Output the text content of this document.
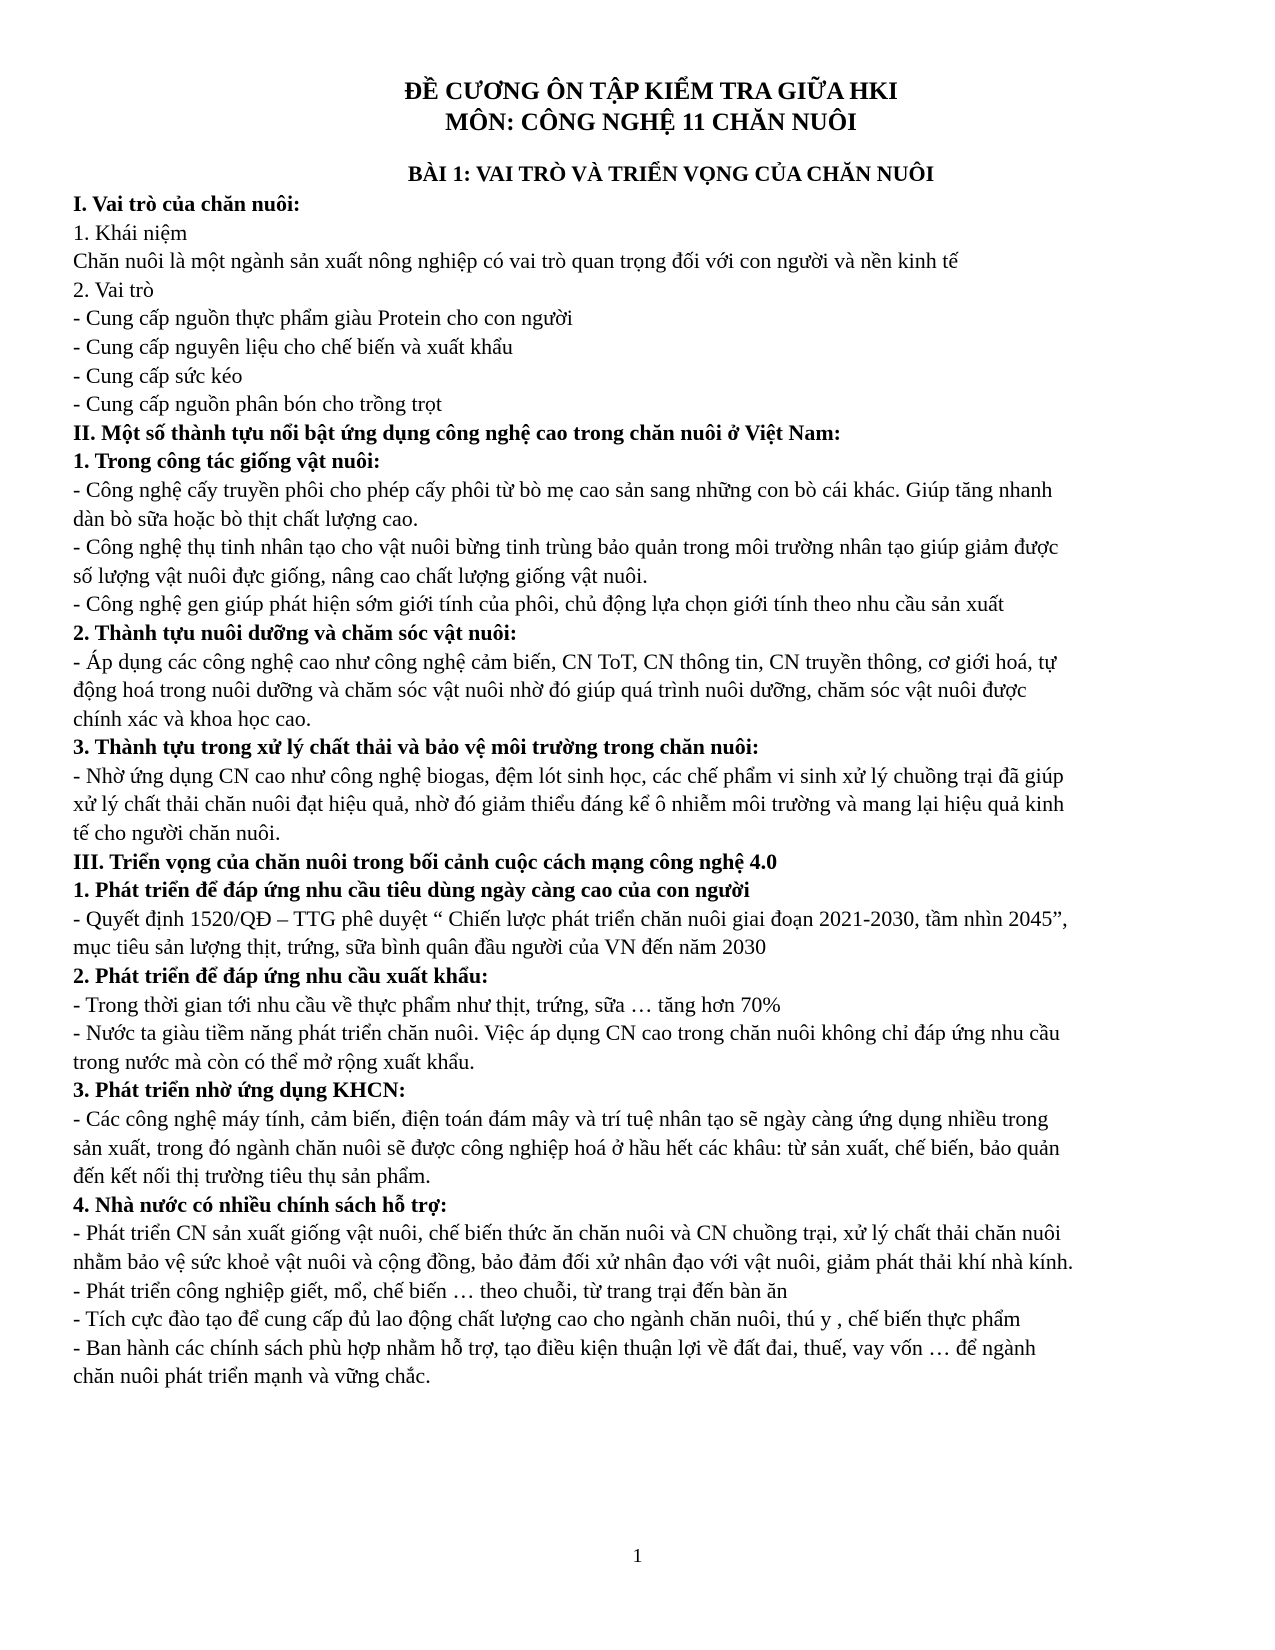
ĐỀ CƯƠNG ÔN TẬP KIỂM TRA GIỮA HKI
MÔN: CÔNG NGHỆ 11 CHĂN NUÔI
BÀI 1: VAI TRÒ VÀ TRIỂN VỌNG CỦA CHĂN NUÔI

I. Vai trò của chăn nuôi:

1. Khái niệm

Chăn nuôi là một ngành sản xuất nông nghiệp có vai trò quan trọng đối với con người và nền kinh tế

2. Vai trò

- Cung cấp nguồn thực phẩm giàu Protein cho con người

- Cung cấp nguyên liệu cho chế biến và xuất khẩu

- Cung cấp sức kéo

- Cung cấp nguồn phân bón cho trồng trọt

II. Một số thành tựu nổi bật ứng dụng công nghệ cao trong chăn nuôi ở Việt Nam:

1. Trong công tác giống vật nuôi:

- Công nghệ cấy truyền phôi cho phép cấy phôi từ bò mẹ cao sản sang những con bò cái khác. Giúp tăng nhanh

dàn bò sữa hoặc bò thịt chất lượng cao.

- Công nghệ thụ tinh nhân tạo cho vật nuôi bừng tinh trùng bảo quản trong môi trường nhân tạo giúp giảm được

số lượng vật nuôi đực giống, nâng cao chất lượng giống vật nuôi.

- Công nghệ gen giúp phát hiện sớm giới tính của phôi, chủ động lựa chọn giới tính theo nhu cầu sản xuất

2. Thành tựu nuôi dưỡng và chăm sóc vật nuôi:

- Áp dụng các công nghệ cao như công nghệ cảm biến, CN ToT, CN thông tin, CN truyền thông, cơ giới hoá, tự

động hoá trong nuôi dưỡng và chăm sóc vật nuôi nhờ đó giúp quá trình nuôi dưỡng, chăm sóc vật nuôi được

chính xác và khoa học cao.

3. Thành tựu trong xử lý chất thải và bảo vệ môi trường trong chăn nuôi:

- Nhờ ứng dụng CN cao như công nghệ biogas, đệm lót sinh học, các chế phẩm vi sinh xử lý chuồng trại đã giúp

xử lý chất thải chăn nuôi đạt hiệu quả, nhờ đó giảm thiểu đáng kể ô nhiễm môi trường và mang lại hiệu quả kinh

tế cho người chăn nuôi.

III. Triển vọng của chăn nuôi trong bối cảnh cuộc cách mạng công nghệ 4.0

1. Phát triển để đáp ứng nhu cầu tiêu dùng ngày càng cao của con người

- Quyết định 1520/QĐ – TTG phê duyệt “ Chiến lược phát triển chăn nuôi giai đoạn 2021-2030, tầm nhìn 2045”,

mục tiêu sản lượng thịt, trứng, sữa bình quân đầu người của VN đến năm 2030

2. Phát triển để đáp ứng nhu cầu xuất khẩu:

- Trong thời gian tới nhu cầu về thực phẩm như thịt, trứng, sữa … tăng hơn 70%

- Nước ta giàu tiềm năng phát triển chăn nuôi. Việc áp dụng CN cao trong chăn nuôi không chỉ đáp ứng nhu cầu

trong nước mà còn có thể mở rộng xuất khẩu.

3. Phát triển nhờ ứng dụng KHCN:

- Các công nghệ máy tính, cảm biến, điện toán đám mây và trí tuệ nhân tạo sẽ ngày càng ứng dụng nhiều trong

sản xuất, trong đó ngành chăn nuôi sẽ được công nghiệp hoá ở hầu hết các khâu: từ sản xuất, chế biến, bảo quản

đến kết nối thị trường tiêu thụ sản phẩm.

4. Nhà nước có nhiều chính sách hỗ trợ:

- Phát triển CN sản xuất giống vật nuôi, chế biến thức ăn chăn nuôi và CN chuồng trại, xử lý chất thải chăn nuôi

nhằm bảo vệ sức khoẻ vật nuôi và cộng đồng, bảo đảm đối xử nhân đạo với vật nuôi, giảm phát thải khí nhà kính.

- Phát triển công nghiệp giết, mổ, chế biến … theo chuỗi, từ trang trại đến bàn ăn

- Tích cực đào tạo để cung cấp đủ lao động chất lượng cao cho ngành chăn nuôi, thú y , chế biến thực phẩm

- Ban hành các chính sách phù hợp nhằm hỗ trợ, tạo điều kiện thuận lợi về đất đai, thuế, vay vốn … để ngành

chăn nuôi phát triển mạnh và vững chắc.

1
